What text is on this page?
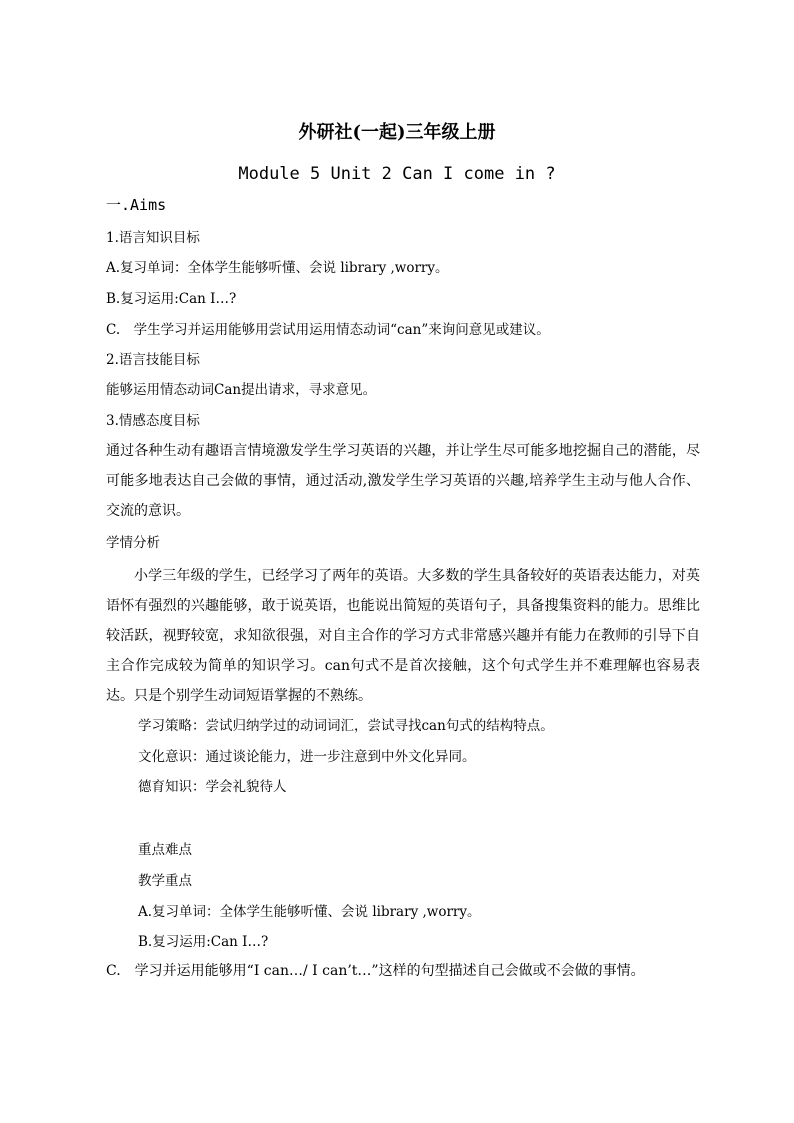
外研社(一起)三年级上册
Module 5 Unit 2 Can I come in ?
一.Aims
1.语言知识目标
A.复习单词：全体学生能够听懂、会说 library ,worry。
B.复习运用:Can I…?
C.　学生学习并运用能够用尝试用运用情态动词“can”来询问意见或建议。
2.语言技能目标
能够运用情态动词Can提出请求，寻求意见。
3.情感态度目标
通过各种生动有趣语言情境激发学生学习英语的兴趣，并让学生尽可能多地挖掘自己的潜能，尽可能多地表达自己会做的事情，通过活动,激发学生学习英语的兴趣,培养学生主动与他人合作、交流的意识。
学情分析
小学三年级的学生，已经学习了两年的英语。大多数的学生具备较好的英语表达能力，对英语怀有强烈的兴趣能够，敢于说英语，也能说出简短的英语句子，具备搜集资料的能力。思维比较活跃，视野较宽，求知欲很强，对自主合作的学习方式非常感兴趣并有能力在教师的引导下自主合作完成较为简单的知识学习。can句式不是首次接触，这个句式学生并不难理解也容易表达。只是个别学生动词短语掌握的不熟练。
学习策略：尝试归纳学过的动词词汇，尝试寻找can句式的结构特点。
文化意识：通过谈论能力，进一步注意到中外文化异同。
德育知识：学会礼貌待人
重点难点
教学重点
A.复习单词：全体学生能够听懂、会说 library ,worry。
B.复习运用:Can I…?
C.　学习并运用能够用“I can…/ I can’t…”这样的句型描述自己会做或不会做的事情。
